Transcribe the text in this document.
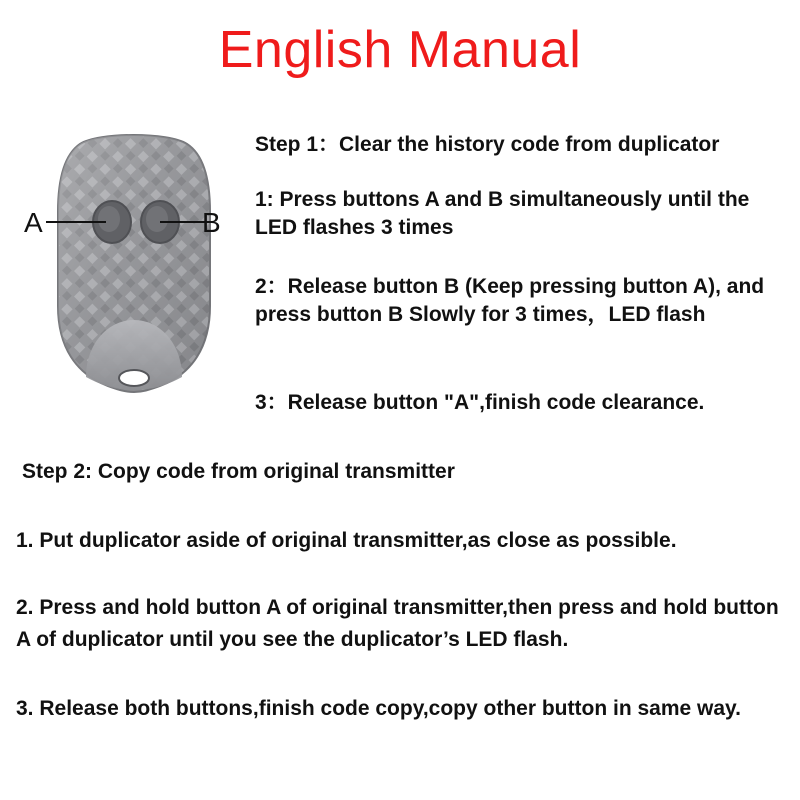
English Manual
A	B
Step 1：Clear the history code from duplicator
1: Press buttons A and B simultaneously until the LED flashes 3 times
2：Release button B (Keep pressing button A), and press button B Slowly for 3 times，LED flash
3：Release button "A",finish code clearance.
Step 2: Copy code from original transmitter
1. Put duplicator aside of original transmitter,as close as possible.
2. Press and hold button A of original transmitter,then press and hold button A of duplicator until you see the duplicator’s LED flash.
3. Release both buttons,finish code copy,copy other button in same way.
